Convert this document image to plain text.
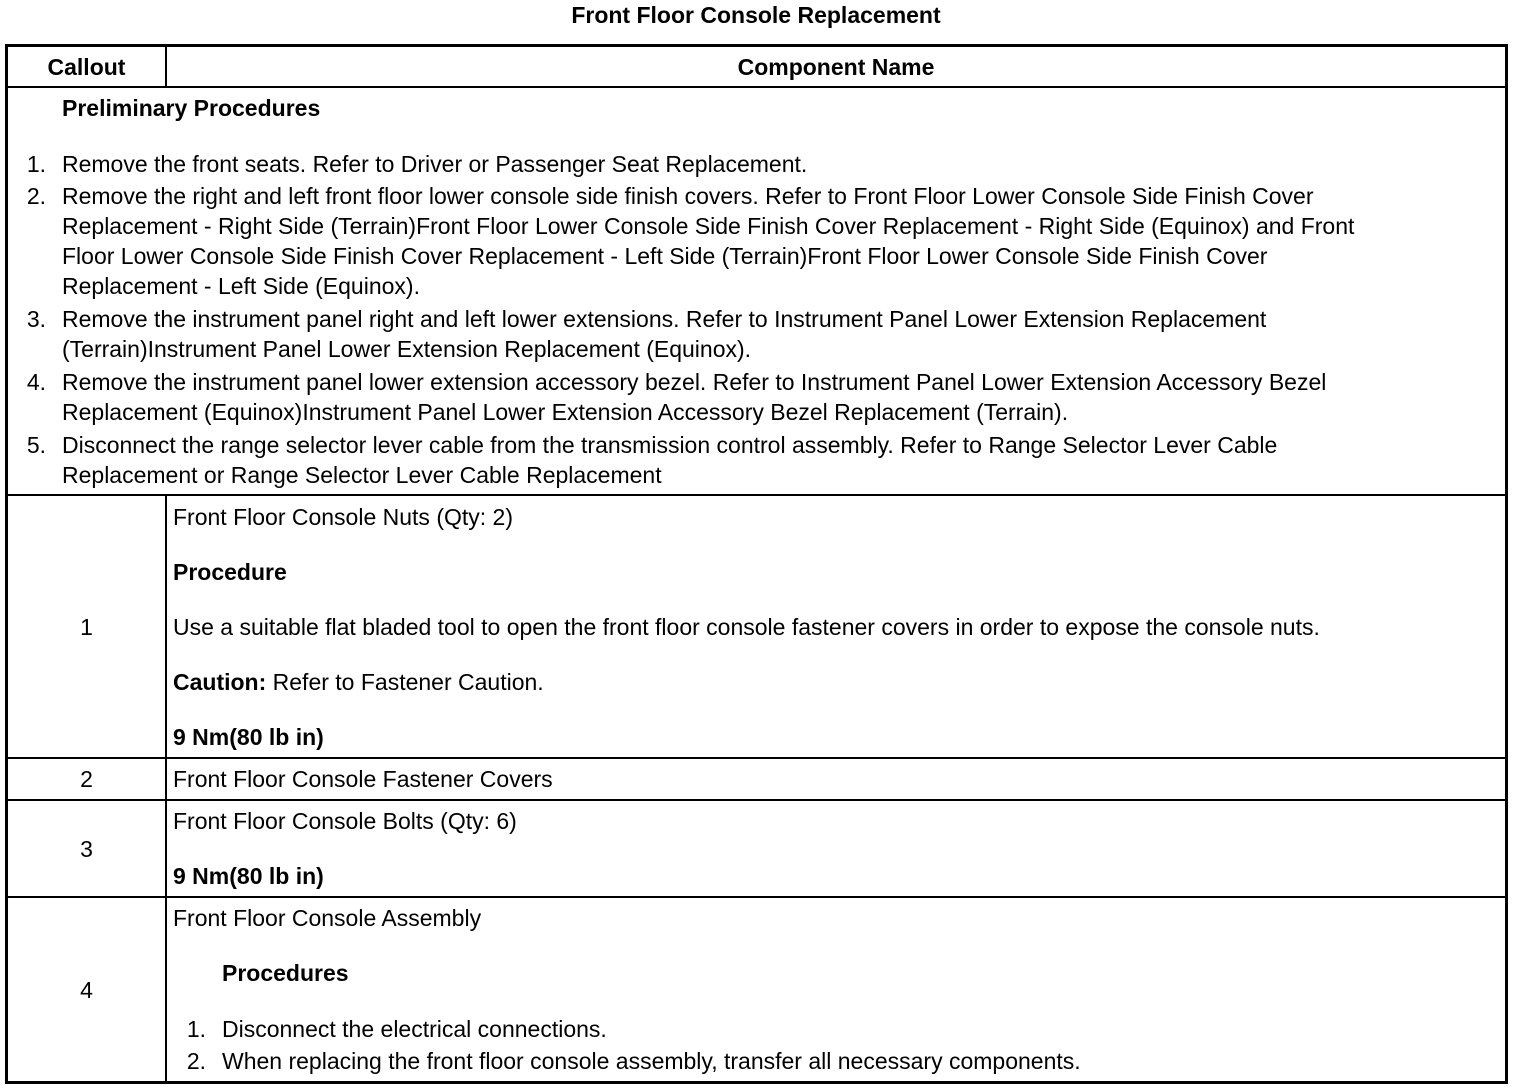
Front Floor Console Replacement
Callout	Component Name
Preliminary Procedures
1. Remove the front seats. Refer to Driver or Passenger Seat Replacement.
2. Remove the right and left front floor lower console side finish covers. Refer to Front Floor Lower Console Side Finish Cover
Replacement - Right Side (Terrain)Front Floor Lower Console Side Finish Cover Replacement - Right Side (Equinox) and Front
Floor Lower Console Side Finish Cover Replacement - Left Side (Terrain)Front Floor Lower Console Side Finish Cover
Replacement - Left Side (Equinox).
3. Remove the instrument panel right and left lower extensions. Refer to Instrument Panel Lower Extension Replacement
(Terrain)Instrument Panel Lower Extension Replacement (Equinox).
4. Remove the instrument panel lower extension accessory bezel. Refer to Instrument Panel Lower Extension Accessory Bezel
Replacement (Equinox)Instrument Panel Lower Extension Accessory Bezel Replacement (Terrain).
5. Disconnect the range selector lever cable from the transmission control assembly. Refer to Range Selector Lever Cable
Replacement or Range Selector Lever Cable Replacement
1
Front Floor Console Nuts (Qty: 2)
Procedure
Use a suitable flat bladed tool to open the front floor console fastener covers in order to expose the console nuts.
Caution: Refer to Fastener Caution.
9 Nm(80 lb in)
2	Front Floor Console Fastener Covers
3
Front Floor Console Bolts (Qty: 6)
9 Nm(80 lb in)
4
Front Floor Console Assembly
Procedures
1. Disconnect the electrical connections.
2. When replacing the front floor console assembly, transfer all necessary components.
